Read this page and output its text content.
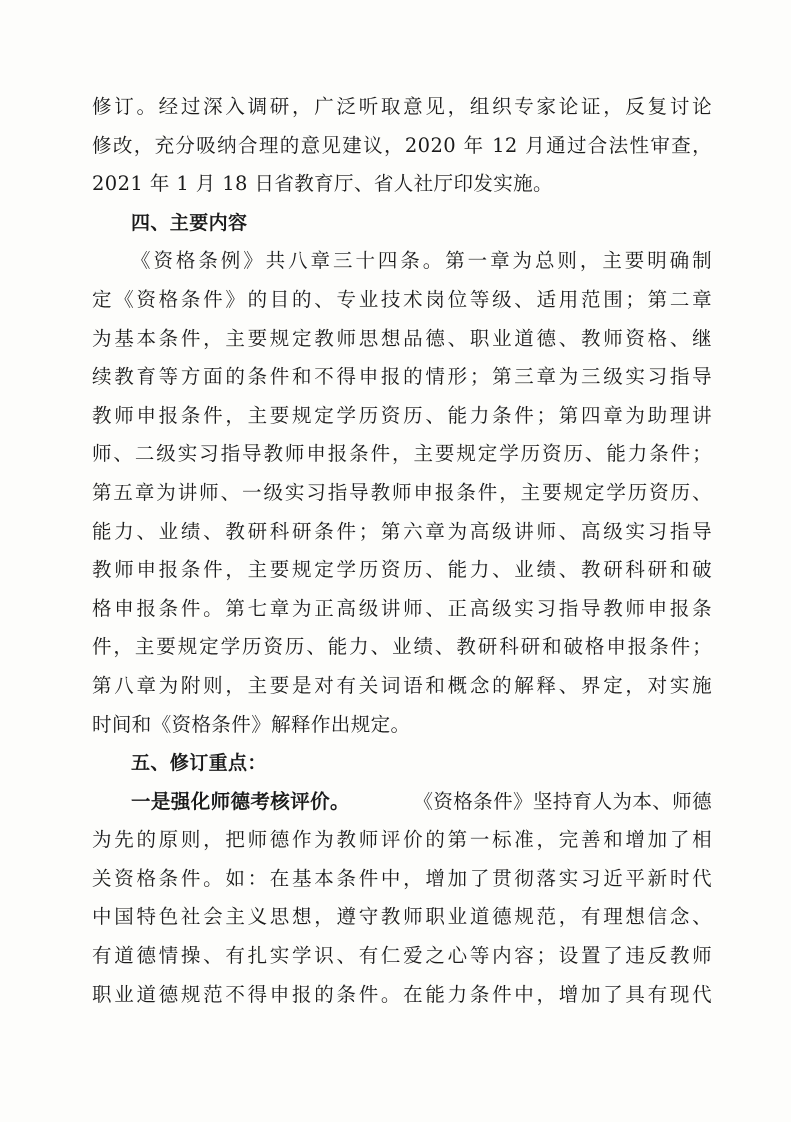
修订。经过深入调研，广泛听取意见，组织专家论证，反复讨论
修改，充分吸纳合理的意见建议，2020 年 12 月通过合法性审查，
2021 年 1 月 18 日省教育厅、省人社厅印发实施。
四、主要内容
《资格条例》共八章三十四条。第一章为总则，主要明确制
定《资格条件》的目的、专业技术岗位等级、适用范围；第二章
为基本条件，主要规定教师思想品德、职业道德、教师资格、继
续教育等方面的条件和不得申报的情形；第三章为三级实习指导
教师申报条件，主要规定学历资历、能力条件；第四章为助理讲
师、二级实习指导教师申报条件，主要规定学历资历、能力条件；
第五章为讲师、一级实习指导教师申报条件，主要规定学历资历、
能力、业绩、教研科研条件；第六章为高级讲师、高级实习指导
教师申报条件，主要规定学历资历、能力、业绩、教研科研和破
格申报条件。第七章为正高级讲师、正高级实习指导教师申报条
件，主要规定学历资历、能力、业绩、教研科研和破格申报条件；
第八章为附则，主要是对有关词语和概念的解释、界定，对实施
时间和《资格条件》解释作出规定。
五、修订重点：
一是强化师德考核评价。	《资格条件》坚持育人为本、师德
为先的原则，把师德作为教师评价的第一标准，完善和增加了相
关资格条件。如：在基本条件中，增加了贯彻落实习近平新时代
中国特色社会主义思想，遵守教师职业道德规范，有理想信念、
有道德情操、有扎实学识、有仁爱之心等内容；设置了违反教师
职业道德规范不得申报的条件。在能力条件中，增加了具有现代
